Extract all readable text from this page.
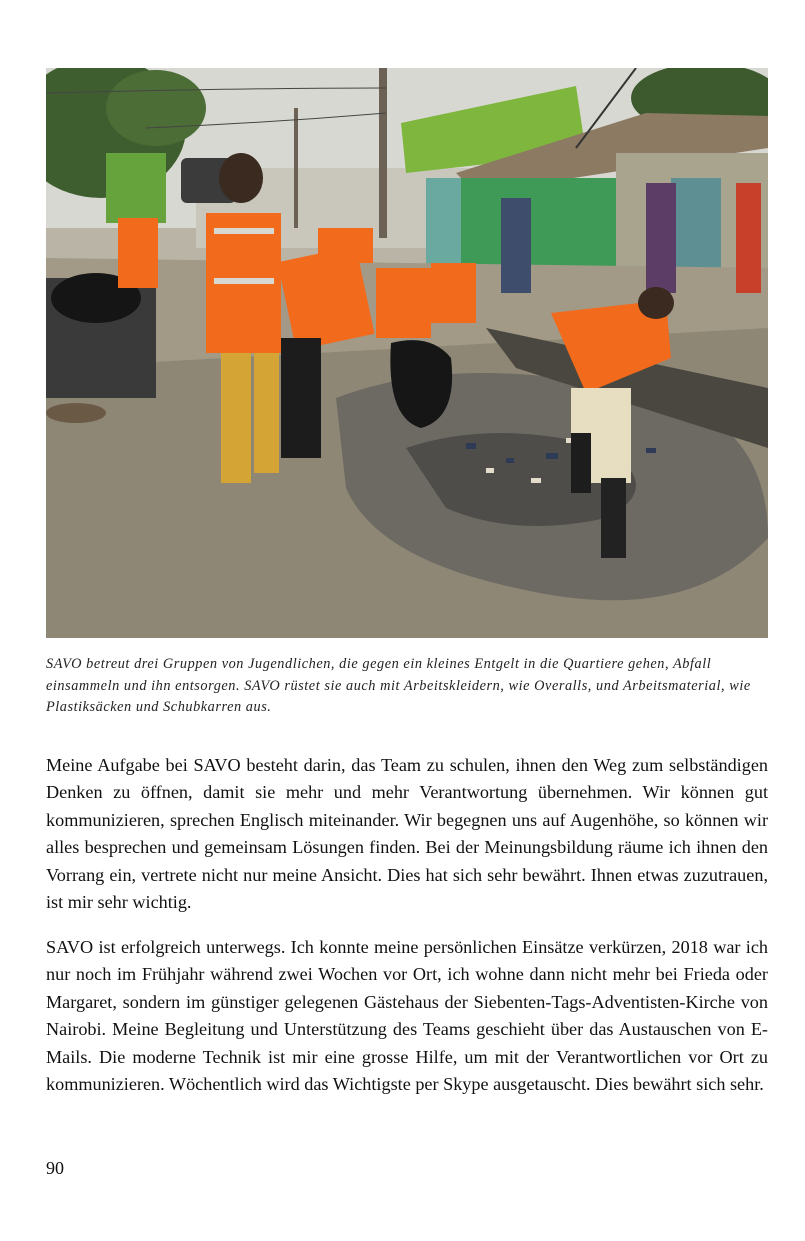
SAVO betreut drei Gruppen von Jugendlichen, die gegen ein kleines Entgelt in die Quartiere gehen, Abfall einsammeln und ihn entsorgen. SAVO rüstet sie auch mit Arbeitskleidern, wie Overalls, und Arbeitsmaterial, wie Plastiksäcken und Schubkarren aus.

Meine Aufgabe bei SAVO besteht darin, das Team zu schulen, ihnen den Weg zum selbständigen Denken zu öffnen, damit sie mehr und mehr Verantwortung übernehmen. Wir können gut kommunizieren, sprechen Englisch miteinander. Wir begegnen uns auf Augenhöhe, so können wir alles besprechen und gemeinsam Lösungen finden. Bei der Meinungsbildung räume ich ihnen den Vorrang ein, vertrete nicht nur meine Ansicht. Dies hat sich sehr bewährt. Ihnen etwas zuzutrauen, ist mir sehr wichtig.

SAVO ist erfolgreich unterwegs. Ich konnte meine persönlichen Einsätze verkürzen, 2018 war ich nur noch im Frühjahr während zwei Wochen vor Ort, ich wohne dann nicht mehr bei Frieda oder Margaret, sondern im günstiger gelegenen Gästehaus der Siebenten-Tags-Adventisten-Kirche von Nairobi. Meine Begleitung und Unterstützung des Teams geschieht über das Austauschen von E-Mails. Die moderne Technik ist mir eine grosse Hilfe, um mit der Verantwortlichen vor Ort zu kommunizieren. Wöchentlich wird das Wichtigste per Skype ausgetauscht. Dies bewährt sich sehr.

90
